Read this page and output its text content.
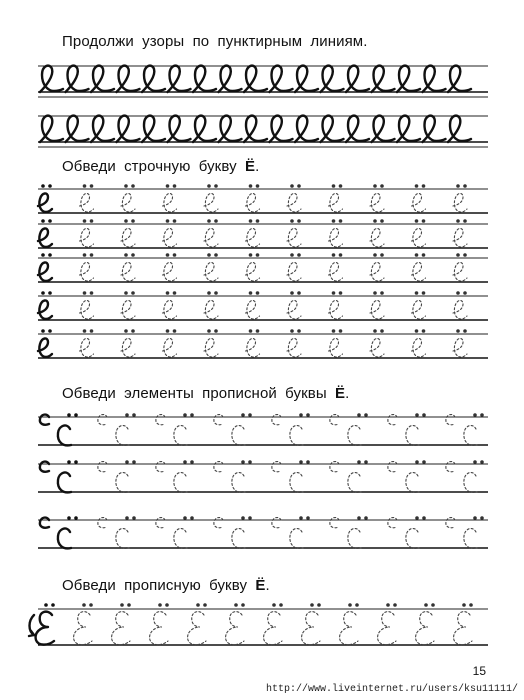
Продолжи узоры по пунктирным линиям.
Обведи строчную букву Ё.
Обведи элементы прописной буквы Ё.
Обведи прописную букву Ё.
15
http://www.liveinternet.ru/users/ksu11111/
